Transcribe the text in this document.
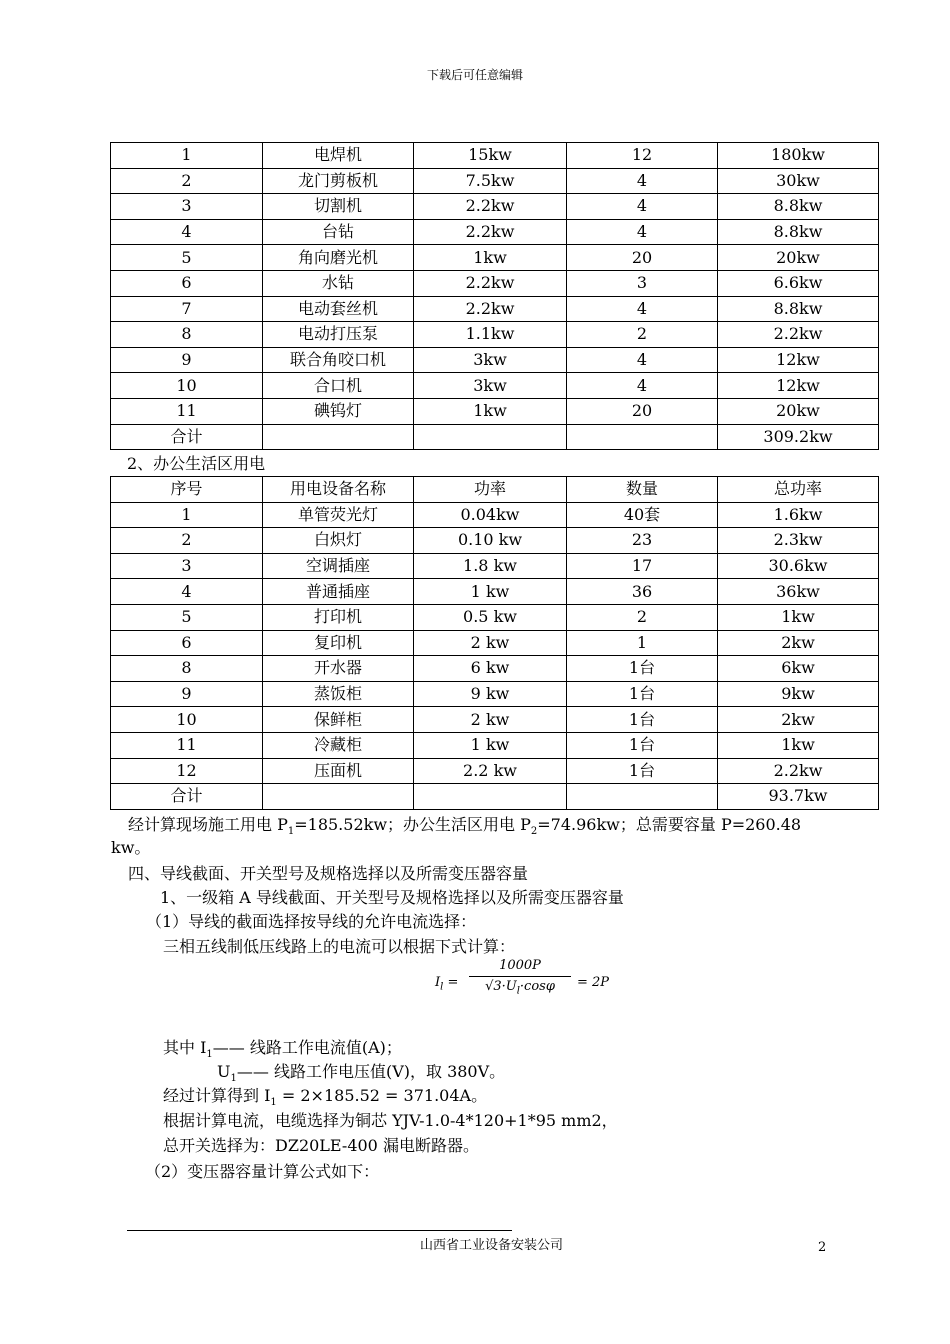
下载后可任意编辑
1	电焊机	15kw	12	180kw
2	龙门剪板机	7.5kw	4	30kw
3	切割机	2.2kw	4	8.8kw
4	台钻	2.2kw	4	8.8kw
5	角向磨光机	1kw	20	20kw
6	水钻	2.2kw	3	6.6kw
7	电动套丝机	2.2kw	4	8.8kw
8	电动打压泵	1.1kw	2	2.2kw
9	联合角咬口机	3kw	4	12kw
10	合口机	3kw	4	12kw
11	碘钨灯	1kw	20	20kw
合计				309.2kw
2、办公生活区用电
序号	用电设备名称	功率	数量	总功率
1	单管荧光灯	0.04kw	40套	1.6kw
2	白炽灯	0.10 kw	23	2.3kw
3	空调插座	1.8 kw	17	30.6kw
4	普通插座	1 kw	36	36kw
5	打印机	0.5 kw	2	1kw
6	复印机	2 kw	1	2kw
8	开水器	6 kw	1台	6kw
9	蒸饭柜	9 kw	1台	9kw
10	保鲜柜	2 kw	1台	2kw
11	冷藏柜	1 kw	1台	1kw
12	压面机	2.2 kw	1台	2.2kw
合计				93.7kw
经计算现场施工用电 $P_1=185.52kw$；办公生活区用电 $P_2=74.96kw$；总需要容量 P=260.48
kw。
四、导线截面、开关型号及规格选择以及所需变压器容量
1、一级箱 A 导线截面、开关型号及规格选择以及所需变压器容量
（1）导线的截面选择按导线的允许电流选择：
三相五线制低压线路上的电流可以根据下式计算：
$I_l$ =
1000P
$√3\cdot U_l\cdot\cos\varphi$	= 2P
其中 $I_1——$ 线路工作电流值(A)；
$U_1——$ 线路工作电压值(V)，取 380V。
经过计算得到 $I_1 = 2\times 185.52 = 371.04A$。
根据计算电流，电缆选择为铜芯 YJV-1.0-4*120+1*95 mm2，
总开关选择为：DZ20LE-400 漏电断路器。
（2）变压器容量计算公式如下：
山西省工业设备安装公司	2
